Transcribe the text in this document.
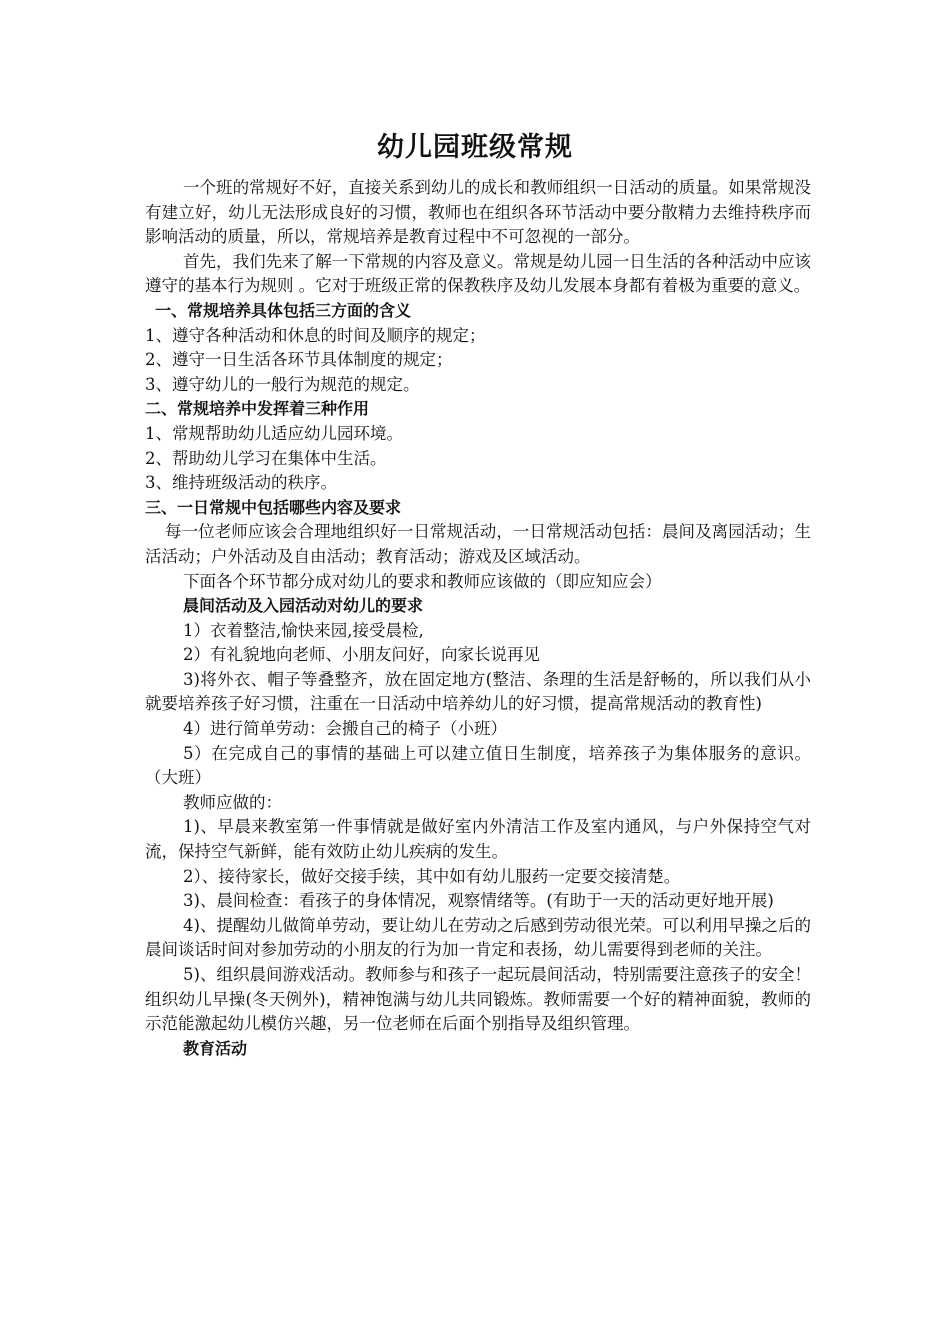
幼儿园班级常规

一个班的常规好不好，直接关系到幼儿的成长和教师组织一日活动的质量。如果常规没有建立好，幼儿无法形成良好的习惯，教师也在组织各环节活动中要分散精力去维持秩序而影响活动的质量，所以，常规培养是教育过程中不可忽视的一部分。

首先，我们先来了解一下常规的内容及意义。常规是幼儿园一日生活的各种活动中应该遵守的基本行为规则 。它对于班级正常的保教秩序及幼儿发展本身都有着极为重要的意义。

一、常规培养具体包括三方面的含义

1、遵守各种活动和休息的时间及顺序的规定；

2、遵守一日生活各环节具体制度的规定；

3、遵守幼儿的一般行为规范的规定。

二、常规培养中发挥着三种作用

1、常规帮助幼儿适应幼儿园环境。

2、帮助幼儿学习在集体中生活。

3、维持班级活动的秩序。

三、一日常规中包括哪些内容及要求

每一位老师应该会合理地组织好一日常规活动，一日常规活动包括：晨间及离园活动；生活活动；户外活动及自由活动；教育活动；游戏及区域活动。

下面各个环节都分成对幼儿的要求和教师应该做的（即应知应会）

晨间活动及入园活动对幼儿的要求

1）衣着整洁,愉快来园,接受晨检,

2）有礼貌地向老师、小朋友问好，向家长说再见

3)将外衣、帽子等叠整齐，放在固定地方(整洁、条理的生活是舒畅的，所以我们从小就要培养孩子好习惯，注重在一日活动中培养幼儿的好习惯，提高常规活动的教育性)

4）进行简单劳动：会搬自己的椅子（小班）

5）在完成自己的事情的基础上可以建立值日生制度，培养孩子为集体服务的意识。（大班）

教师应做的：

1)、早晨来教室第一件事情就是做好室内外清洁工作及室内通风，与户外保持空气对流，保持空气新鲜，能有效防止幼儿疾病的发生。

2）、接待家长，做好交接手续，其中如有幼儿服药一定要交接清楚。

3)、晨间检查：看孩子的身体情况，观察情绪等。(有助于一天的活动更好地开展)

4)、提醒幼儿做简单劳动，要让幼儿在劳动之后感到劳动很光荣。可以利用早操之后的晨间谈话时间对参加劳动的小朋友的行为加一肯定和表扬，幼儿需要得到老师的关注。

5)、组织晨间游戏活动。教师参与和孩子一起玩晨间活动，特别需要注意孩子的安全！组织幼儿早操(冬天例外)，精神饱满与幼儿共同锻炼。教师需要一个好的精神面貌，教师的示范能激起幼儿模仿兴趣，另一位老师在后面个别指导及组织管理。

教育活动
